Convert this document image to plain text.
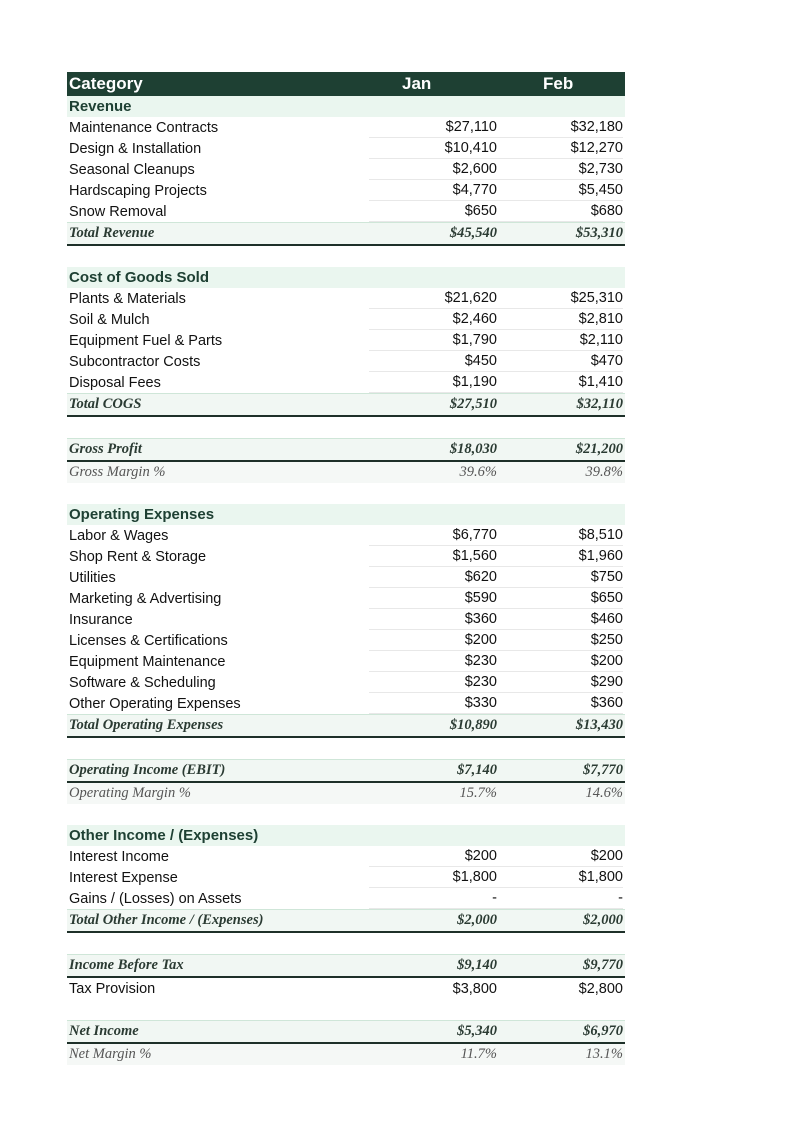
Category	Jan	Feb
Revenue
Maintenance Contracts	$27,110	$32,180
Design & Installation	$10,410	$12,270
Seasonal Cleanups	$2,600	$2,730
Hardscaping Projects	$4,770	$5,450
Snow Removal	$650	$680
Total Revenue	$45,540	$53,310
Cost of Goods Sold
Plants & Materials	$21,620	$25,310
Soil & Mulch	$2,460	$2,810
Equipment Fuel & Parts	$1,790	$2,110
Subcontractor Costs	$450	$470
Disposal Fees	$1,190	$1,410
Total COGS	$27,510	$32,110
Gross Profit	$18,030	$21,200
Gross Margin %	39.6%	39.8%
Operating Expenses
Labor & Wages	$6,770	$8,510
Shop Rent & Storage	$1,560	$1,960
Utilities	$620	$750
Marketing & Advertising	$590	$650
Insurance	$360	$460
Licenses & Certifications	$200	$250
Equipment Maintenance	$230	$200
Software & Scheduling	$230	$290
Other Operating Expenses	$330	$360
Total Operating Expenses	$10,890	$13,430
Operating Income (EBIT)	$7,140	$7,770
Operating Margin %	15.7%	14.6%
Other Income / (Expenses)
Interest Income	$200	$200
Interest Expense	$1,800	$1,800
Gains / (Losses) on Assets	-	-
Total Other Income / (Expenses)	$2,000	$2,000
Income Before Tax	$9,140	$9,770
Tax Provision	$3,800	$2,800
Net Income	$5,340	$6,970
Net Margin %	11.7%	13.1%
